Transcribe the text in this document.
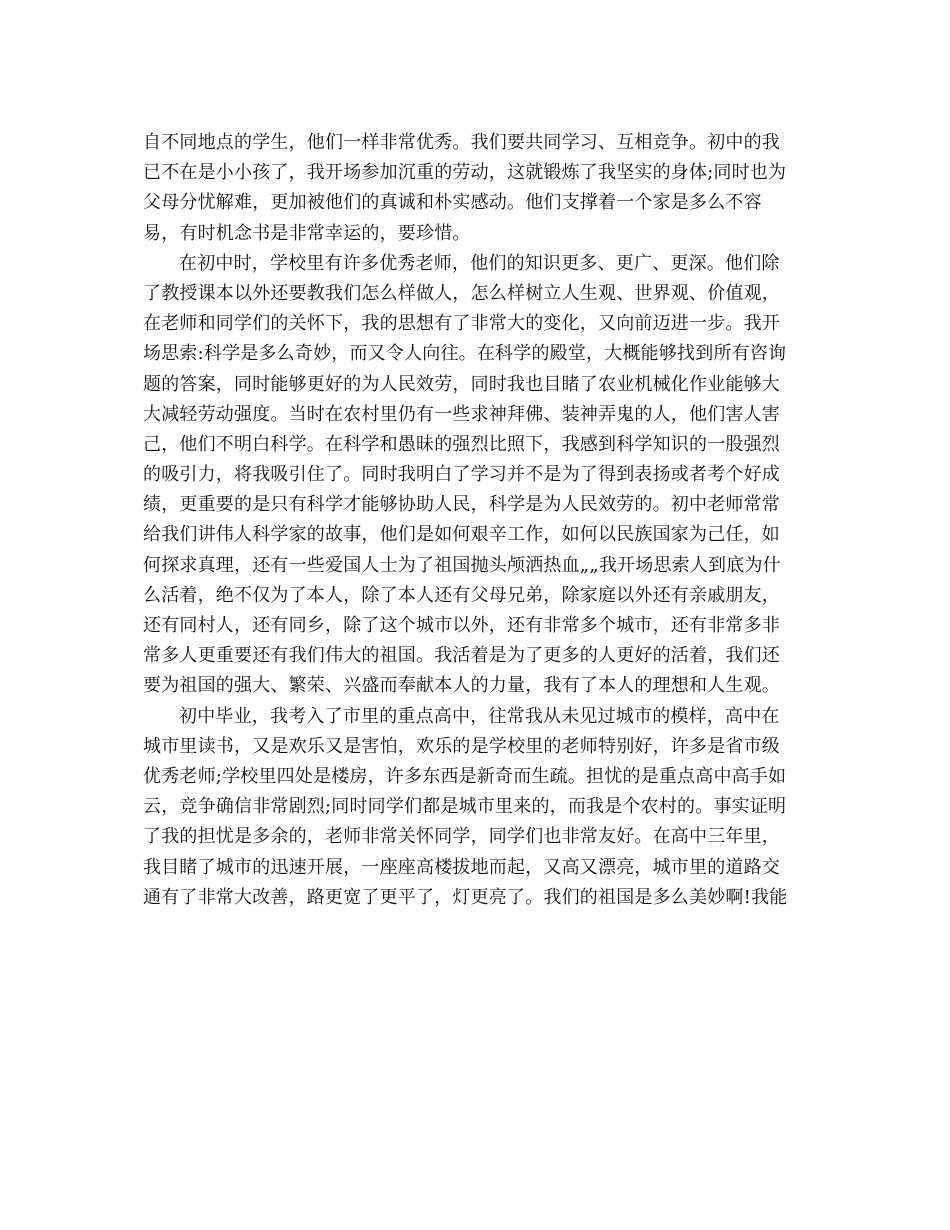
自不同地点的学生，他们一样非常优秀。我们要共同学习、互相竞争。初中的我
已不在是小小孩了，我开场参加沉重的劳动，这就锻炼了我坚实的身体;同时也为
父母分忧解难，更加被他们的真诚和朴实感动。他们支撑着一个家是多么不容
易，有时机念书是非常幸运的，要珍惜。
在初中时，学校里有许多优秀老师，他们的知识更多、更广、更深。他们除
了教授课本以外还要教我们怎么样做人，怎么样树立人生观、世界观、价值观，
在老师和同学们的关怀下，我的思想有了非常大的变化，又向前迈进一步。我开
场思索:科学是多么奇妙，而又令人向往。在科学的殿堂，大概能够找到所有咨询
题的答案，同时能够更好的为人民效劳，同时我也目睹了农业机械化作业能够大
大减轻劳动强度。当时在农村里仍有一些求神拜佛、装神弄鬼的人，他们害人害
己，他们不明白科学。在科学和愚昧的强烈比照下，我感到科学知识的一股强烈
的吸引力，将我吸引住了。同时我明白了学习并不是为了得到表扬或者考个好成
绩，更重要的是只有科学才能够协助人民，科学是为人民效劳的。初中老师常常
给我们讲伟人科学家的故事，他们是如何艰辛工作，如何以民族国家为己任，如
何探求真理，还有一些爱国人士为了祖国抛头颅洒热血„„我开场思索人到底为什
么活着，绝不仅为了本人，除了本人还有父母兄弟，除家庭以外还有亲戚朋友，
还有同村人，还有同乡，除了这个城市以外，还有非常多个城市，还有非常多非
常多人更重要还有我们伟大的祖国。我活着是为了更多的人更好的活着，我们还
要为祖国的强大、繁荣、兴盛而奉献本人的力量，我有了本人的理想和人生观。
初中毕业，我考入了市里的重点高中，往常我从未见过城市的模样，高中在
城市里读书，又是欢乐又是害怕，欢乐的是学校里的老师特别好，许多是省市级
优秀老师;学校里四处是楼房，许多东西是新奇而生疏。担忧的是重点高中高手如
云，竞争确信非常剧烈;同时同学们都是城市里来的，而我是个农村的。事实证明
了我的担忧是多余的，老师非常关怀同学，同学们也非常友好。在高中三年里，
我目睹了城市的迅速开展，一座座高楼拔地而起，又高又漂亮，城市里的道路交
通有了非常大改善，路更宽了更平了，灯更亮了。我们的祖国是多么美妙啊!我能
